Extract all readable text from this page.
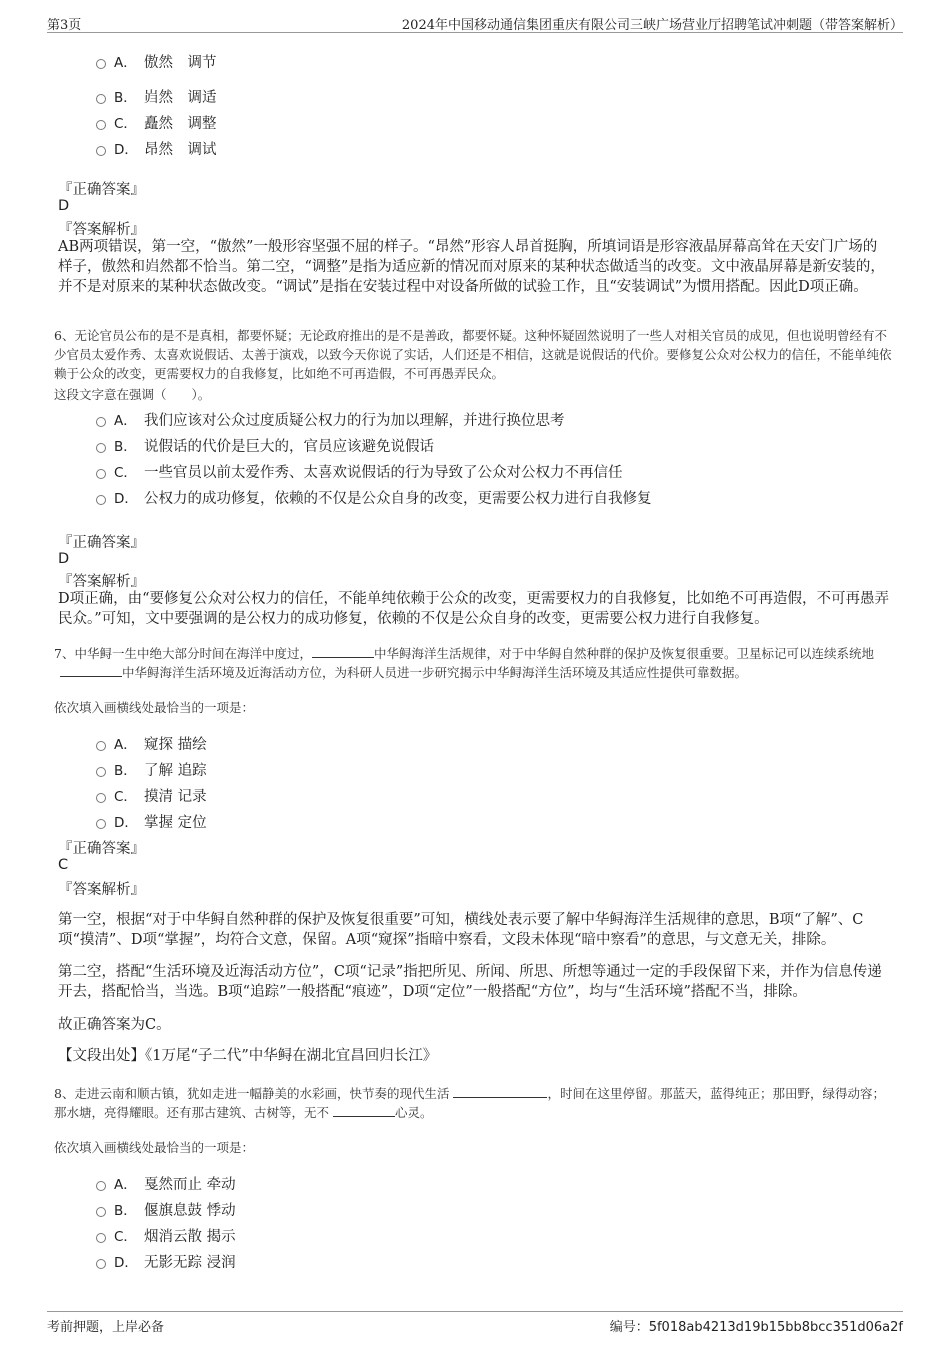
第3页	2024年中国移动通信集团重庆有限公司三峡广场营业厅招聘笔试冲刺题（带答案解析）
A． 傲然　调节
B． 岿然　调适
C． 矗然　调整
D． 昂然　调试
『正确答案』
D
『答案解析』
AB两项错误，第一空，“傲然”一般形容坚强不屈的样子。“昂然”形容人昂首挺胸，所填词语是形容液晶屏幕高耸在天安门广场的样子，傲然和岿然都不恰当。第二空，“调整”是指为适应新的情况而对原来的某种状态做适当的改变。文中液晶屏幕是新安装的，并不是对原来的某种状态做改变。“调试”是指在安装过程中对设备所做的试验工作，且“安装调试”为惯用搭配。因此D项正确。
6、无论官员公布的是不是真相，都要怀疑；无论政府推出的是不是善政，都要怀疑。这种怀疑固然说明了一些人对相关官员的成见，但也说明曾经有不少官员太爱作秀、太喜欢说假话、太善于演戏，以致今天你说了实话，人们还是不相信，这就是说假话的代价。要修复公众对公权力的信任，不能单纯依赖于公众的改变，更需要权力的自我修复，比如绝不可再造假，不可再愚弄民众。
这段文字意在强调（　　）。
A． 我们应该对公众过度质疑公权力的行为加以理解，并进行换位思考
B． 说假话的代价是巨大的，官员应该避免说假话
C． 一些官员以前太爱作秀、太喜欢说假话的行为导致了公众对公权力不再信任
D． 公权力的成功修复，依赖的不仅是公众自身的改变，更需要公权力进行自我修复
『正确答案』
D
『答案解析』
D项正确，由“要修复公众对公权力的信任，不能单纯依赖于公众的改变，更需要权力的自我修复，比如绝不可再造假，不可再愚弄民众。”可知，文中要强调的是公权力的成功修复，依赖的不仅是公众自身的改变，更需要公权力进行自我修复。
7、中华鲟一生中绝大部分时间在海洋中度过，	中华鲟海洋生活规律，对于中华鲟自然种群的保护及恢复很重要。卫星标记可以连续系统地中华鲟海洋生活环境及近海活动方位，为科研人员进一步研究揭示中华鲟海洋生活环境及其适应性提供可靠数据。
依次填入画横线处最恰当的一项是：
A． 窥探 描绘
B． 了解 追踪
C． 摸清 记录
D． 掌握 定位
『正确答案』
C
『答案解析』
第一空，根据“对于中华鲟自然种群的保护及恢复很重要”可知，横线处表示要了解中华鲟海洋生活规律的意思，B项“了解”、C项“摸清”、D项“掌握”，均符合文意，保留。A项“窥探”指暗中察看，文段未体现“暗中察看”的意思，与文意无关，排除。
第二空，搭配“生活环境及近海活动方位”，C项“记录”指把所见、所闻、所思、所想等通过一定的手段保留下来，并作为信息传递开去，搭配恰当，当选。B项“追踪”一般搭配“痕迹”，D项“定位”一般搭配“方位”，均与“生活环境”搭配不当，排除。
故正确答案为C。
【文段出处】《1万尾“子二代”中华鲟在湖北宜昌回归长江》
8、走进云南和顺古镇，犹如走进一幅静美的水彩画，快节奏的现代生活	，时间在这里停留。那蓝天，蓝得纯正；那田野，绿得动容；那水塘，亮得耀眼。还有那古建筑、古树等，无不	心灵。
依次填入画横线处最恰当的一项是：
A． 戛然而止 牵动
B． 偃旗息鼓 悸动
C． 烟消云散 揭示
D． 无影无踪 浸润
考前押题，上岸必备	编号：5f018ab4213d19b15bb8bcc351d06a2f
